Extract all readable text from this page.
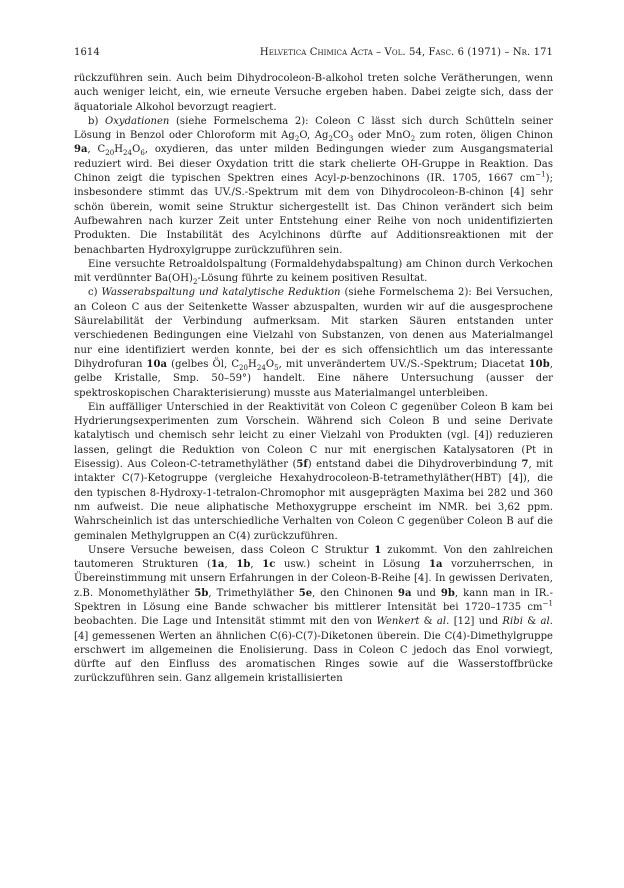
1614	Helvetica Chimica Acta – Vol. 54, Fasc. 6 (1971) – Nr. 171

rückzuführen sein. Auch beim Dihydrocoleon-B-alkohol treten solche Verätherungen, wenn auch weniger leicht, ein, wie erneute Versuche ergeben haben. Dabei zeigte sich, dass der äquatoriale Alkohol bevorzugt reagiert.

b) Oxydationen (siehe Formelschema 2): Coleon C lässt sich durch Schütteln seiner Lösung in Benzol oder Chloroform mit $Ag_2O$, $Ag_2CO_3$ oder MnO$_2$ zum roten, öligen Chinon 9a, $C_{20}H_{24}O_6$, oxydieren, das unter milden Bedingungen wieder zum Ausgangsmaterial reduziert wird. Bei dieser Oxydation tritt die stark chelierte OH-Gruppe in Reaktion. Das Chinon zeigt die typischen Spektren eines Acyl-p-benzochinons (IR. 1705, 1667 $cm^{-1}$); insbesondere stimmt das UV./S.-Spektrum mit dem von Dihydrocoleon-B-chinon [4] sehr schön überein, womit seine Struktur sichergestellt ist. Das Chinon verändert sich beim Aufbewahren nach kurzer Zeit unter Entstehung einer Reihe von noch unidentifizierten Produkten. Die Instabilität des Acylchinons dürfte auf Additionsreaktionen mit der benachbarten Hydroxylgruppe zurückzuführen sein.

Eine versuchte Retroaldolspaltung (Formaldehydabspaltung) am Chinon durch Verkochen mit verdünnter $Ba(OH)_2$-Lösung führte zu keinem positiven Resultat.

c) Wasserabspaltung und katalytische Reduktion (siehe Formelschema 2): Bei Versuchen, an Coleon C aus der Seitenkette Wasser abzuspalten, wurden wir auf die ausgesprochene Säurelabilität der Verbindung aufmerksam. Mit starken Säuren entstanden unter verschiedenen Bedingungen eine Vielzahl von Substanzen, von denen aus Materialmangel nur eine identifiziert werden konnte, bei der es sich offensichtlich um das interessante Dihydrofuran 10a (gelbes Öl, $C_{20}H_{24}O_5$, mit unverändertem UV./S.-Spektrum; Diacetat 10b, gelbe Kristalle, Smp. 50–59°) handelt. Eine nähere Untersuchung (ausser der spektroskopischen Charakterisierung) musste aus Materialmangel unterbleiben.

Ein auffälliger Unterschied in der Reaktivität von Coleon C gegenüber Coleon B kam bei Hydrierungsexperimenten zum Vorschein. Während sich Coleon B und seine Derivate katalytisch und chemisch sehr leicht zu einer Vielzahl von Produkten (vgl. [4]) reduzieren lassen, gelingt die Reduktion von Coleon C nur mit energischen Katalysatoren (Pt in Eisessig). Aus Coleon-C-tetramethyläther (5f) entstand dabei die Dihydroverbindung 7, mit intakter C(7)-Ketogruppe (vergleiche Hexahydrocoleon-B-tetramethyläther(HBT) [4]), die den typischen 8-Hydroxy-1-tetralon-Chromophor mit ausgeprägten Maxima bei 282 und 360 nm aufweist. Die neue aliphatische Methoxygruppe erscheint im NMR. bei 3,62 ppm. Wahrscheinlich ist das unterschiedliche Verhalten von Coleon C gegenüber Coleon B auf die geminalen Methylgruppen an C(4) zurückzuführen.

Unsere Versuche beweisen, dass Coleon C Struktur 1 zukommt. Von den zahlreichen tautomeren Strukturen (1a, 1b, 1c usw.) scheint in Lösung 1a vorzuherrschen, in Übereinstimmung mit unsern Erfahrungen in der Coleon-B-Reihe [4]. In gewissen Derivaten, z.B. Monomethyläther 5b, Trimethyläther 5e, den Chinonen 9a und 9b, kann man in IR.-Spektren in Lösung eine Bande schwacher bis mittlerer Intensität bei 1720–1735 $cm^{-1}$ beobachten. Die Lage und Intensität stimmt mit den von Wenkert & al. [12] und Ribi & al. [4] gemessenen Werten an ähnlichen C(6)-C(7)-Diketonen überein. Die C(4)-Dimethylgruppe erschwert im allgemeinen die Enolisierung. Dass in Coleon C jedoch das Enol vorwiegt, dürfte auf den Einfluss des aromatischen Ringes sowie auf die Wasserstoffbrücke zurückzuführen sein. Ganz allgemein kristallisierten
